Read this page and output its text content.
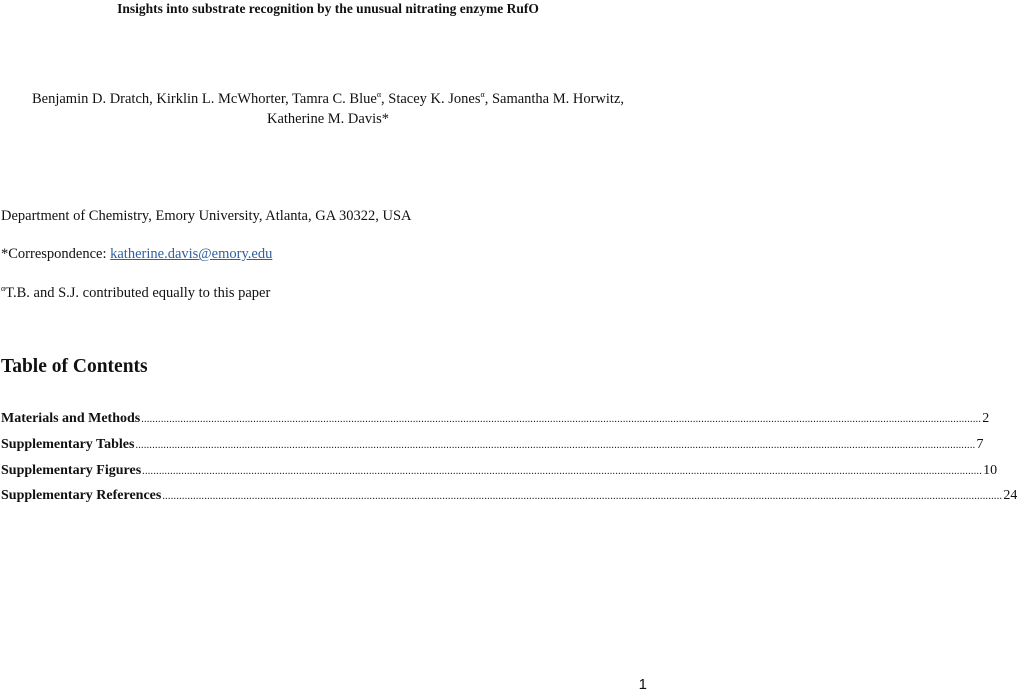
Insights into substrate recognition by the unusual nitrating enzyme RufO
Benjamin D. Dratch, Kirklin L. McWhorter, Tamra C. Blue$^\alpha$, Stacey K. Jones$^\alpha$, Samantha M. Horwitz,
Katherine M. Davis*
Department of Chemistry, Emory University, Atlanta, GA 30322, USA
*Correspondence: katherine.davis@emory.edu
$^\alpha$T.B. and S.J. contributed equally to this paper
Table of Contents
Materials and Methods ............................................................................................................................................................................................................................................................................................................ 2
Supplementary Tables ............................................................................................................................................................................................................................................................................................................ 7
Supplementary Figures ............................................................................................................................................................................................................................................................................................................ 10
Supplementary References ............................................................................................................................................................................................................................................................................................................ 24
1
